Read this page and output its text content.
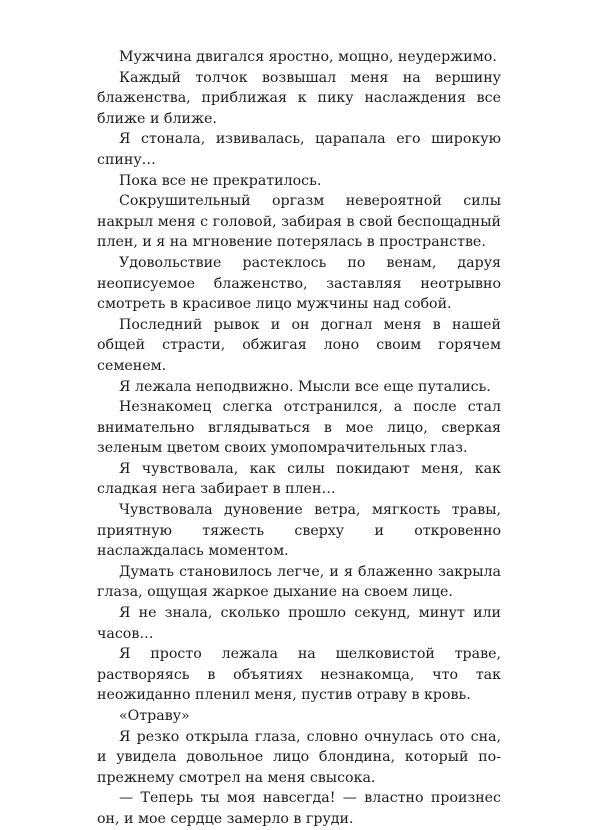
Мужчина двигался яростно, мощно, неудержимо.

Каждый толчок возвышал меня на вершину блаженства, приближая к пику наслаждения все ближе и ближе.

Я стонала, извивалась, царапала его широкую спину…

Пока все не прекратилось.

Сокрушительный оргазм невероятной силы накрыл меня с головой, забирая в свой беспощадный плен, и я на мгновение потерялась в пространстве.

Удовольствие растеклось по венам, даруя неописуемое блаженство, заставляя неотрывно смотреть в красивое лицо мужчины над собой.

Последний рывок и он догнал меня в нашей общей страсти, обжигая лоно своим горячем семенем.

Я лежала неподвижно. Мысли все еще путались.

Незнакомец слегка отстранился, а после стал внимательно вглядываться в мое лицо, сверкая зеленым цветом своих умопомрачительных глаз.

Я чувствовала, как силы покидают меня, как сладкая нега забирает в плен…

Чувствовала дуновение ветра, мягкость травы, приятную тяжесть сверху и откровенно наслаждалась моментом.

Думать становилось легче, и я блаженно закрыла глаза, ощущая жаркое дыхание на своем лице.

Я не знала, сколько прошло секунд, минут или часов…

Я просто лежала на шелковистой траве, растворяясь в объятиях незнакомца, что так неожиданно пленил меня, пустив отраву в кровь.

«Отраву»

Я резко открыла глаза, словно очнулась ото сна, и увидела довольное лицо блондина, который по-прежнему смотрел на меня свысока.

— Теперь ты моя навсегда! — властно произнес он, и мое сердце замерло в груди.
